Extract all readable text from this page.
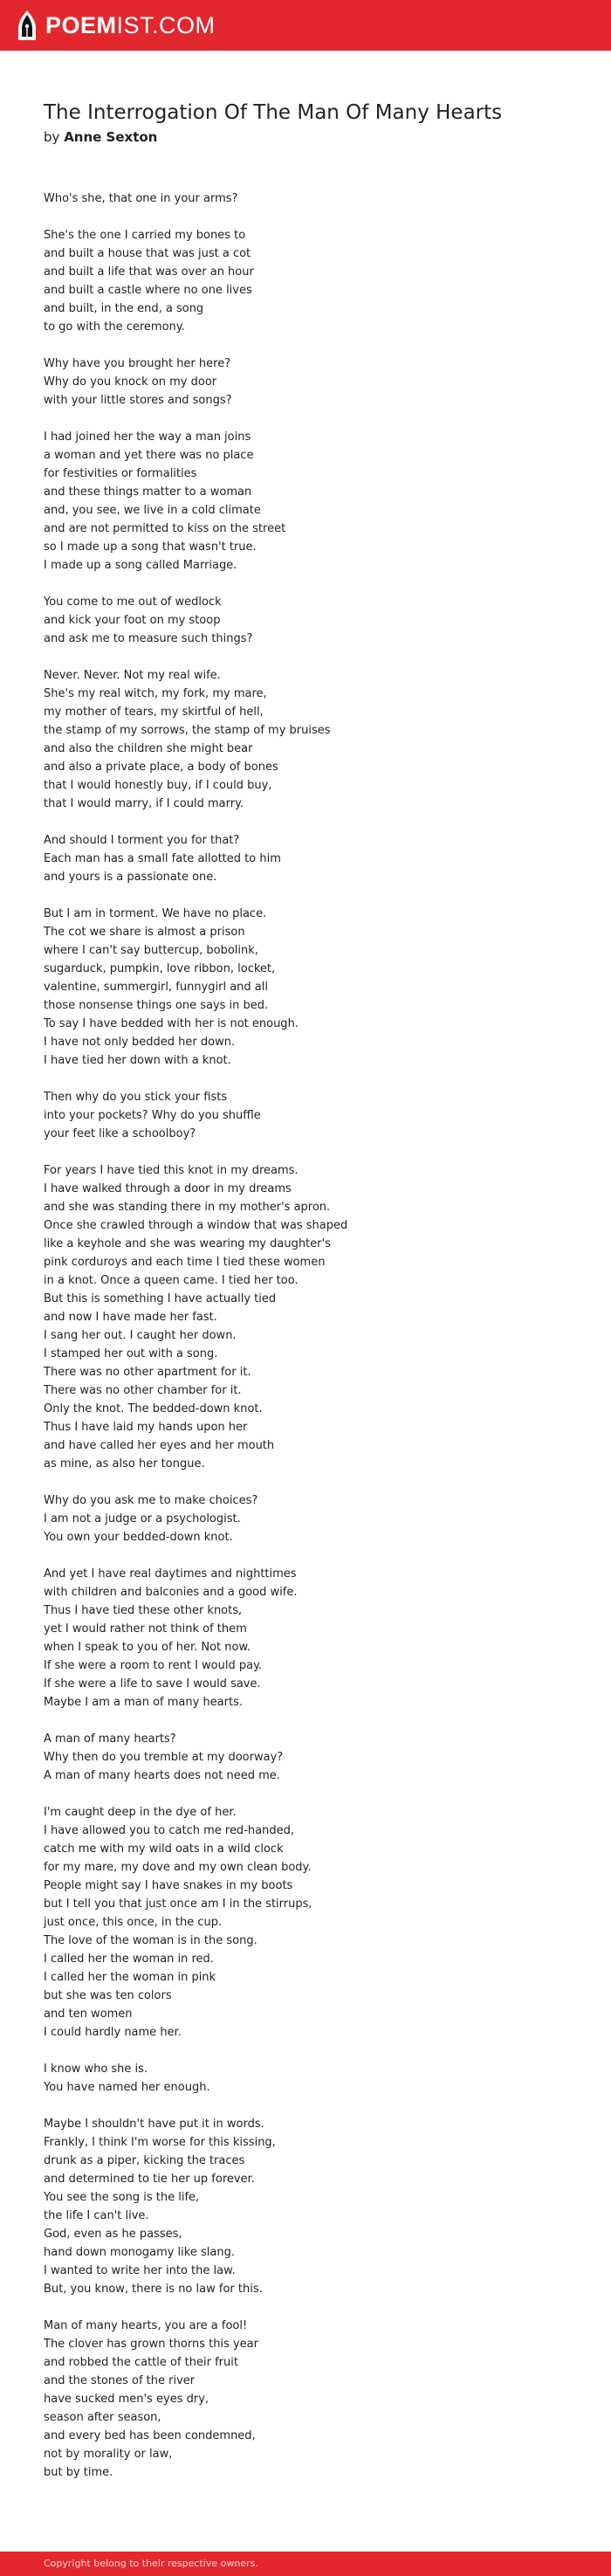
POEMIST.COM
The Interrogation Of The Man Of Many Hearts
by Anne Sexton
Who's she, that one in your arms?
She's the one I carried my bones to
and built a house that was just a cot
and built a life that was over an hour
and built a castle where no one lives
and built, in the end, a song
to go with the ceremony.
Why have you brought her here?
Why do you knock on my door
with your little stores and songs?
I had joined her the way a man joins
a woman and yet there was no place
for festivities or formalities
and these things matter to a woman
and, you see, we live in a cold climate
and are not permitted to kiss on the street
so I made up a song that wasn't true.
I made up a song called Marriage.
You come to me out of wedlock
and kick your foot on my stoop
and ask me to measure such things?
Never. Never. Not my real wife.
She's my real witch, my fork, my mare,
my mother of tears, my skirtful of hell,
the stamp of my sorrows, the stamp of my bruises
and also the children she might bear
and also a private place, a body of bones
that I would honestly buy, if I could buy,
that I would marry, if I could marry.
And should I torment you for that?
Each man has a small fate allotted to him
and yours is a passionate one.
But I am in torment. We have no place.
The cot we share is almost a prison
where I can't say buttercup, bobolink,
sugarduck, pumpkin, love ribbon, locket,
valentine, summergirl, funnygirl and all
those nonsense things one says in bed.
To say I have bedded with her is not enough.
I have not only bedded her down.
I have tied her down with a knot.
Then why do you stick your fists
into your pockets? Why do you shuffle
your feet like a schoolboy?
For years I have tied this knot in my dreams.
I have walked through a door in my dreams
and she was standing there in my mother's apron.
Once she crawled through a window that was shaped
like a keyhole and she was wearing my daughter's
pink corduroys and each time I tied these women
in a knot. Once a queen came. I tied her too.
But this is something I have actually tied
and now I have made her fast.
I sang her out. I caught her down.
I stamped her out with a song.
There was no other apartment for it.
There was no other chamber for it.
Only the knot. The bedded-down knot.
Thus I have laid my hands upon her
and have called her eyes and her mouth
as mine, as also her tongue.
Why do you ask me to make choices?
I am not a judge or a psychologist.
You own your bedded-down knot.
And yet I have real daytimes and nighttimes
with children and balconies and a good wife.
Thus I have tied these other knots,
yet I would rather not think of them
when I speak to you of her. Not now.
If she were a room to rent I would pay.
If she were a life to save I would save.
Maybe I am a man of many hearts.
A man of many hearts?
Why then do you tremble at my doorway?
A man of many hearts does not need me.
I'm caught deep in the dye of her.
I have allowed you to catch me red-handed,
catch me with my wild oats in a wild clock
for my mare, my dove and my own clean body.
People might say I have snakes in my boots
but I tell you that just once am I in the stirrups,
just once, this once, in the cup.
The love of the woman is in the song.
I called her the woman in red.
I called her the woman in pink
but she was ten colors
and ten women
I could hardly name her.
I know who she is.
You have named her enough.
Maybe I shouldn't have put it in words.
Frankly, I think I'm worse for this kissing,
drunk as a piper, kicking the traces
and determined to tie her up forever.
You see the song is the life,
the life I can't live.
God, even as he passes,
hand down monogamy like slang.
I wanted to write her into the law.
But, you know, there is no law for this.
Man of many hearts, you are a fool!
The clover has grown thorns this year
and robbed the cattle of their fruit
and the stones of the river
have sucked men's eyes dry,
season after season,
and every bed has been condemned,
not by morality or law,
but by time.
Copyright belong to their respective owners.
